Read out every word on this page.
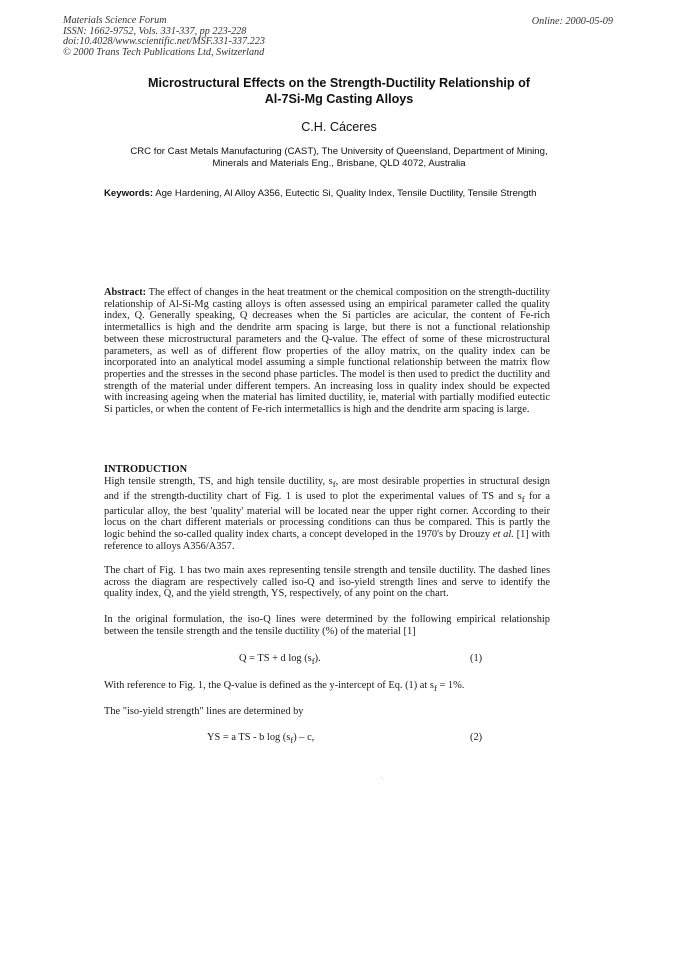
Materials Science Forum
ISSN: 1662-9752, Vols. 331-337, pp 223-228
doi:10.4028/www.scientific.net/MSF.331-337.223
© 2000 Trans Tech Publications Ltd, Switzerland
Online: 2000-05-09
Microstructural Effects on the Strength-Ductility Relationship of
Al-7Si-Mg Casting Alloys
C.H. Cáceres
CRC for Cast Metals Manufacturing (CAST), The University of Queensland, Department of Mining,
Minerals and Materials Eng., Brisbane, QLD 4072, Australia
Keywords: Age Hardening, Al Alloy A356, Eutectic Si, Quality Index, Tensile Ductility, Tensile Strength
Abstract: The effect of changes in the heat treatment or the chemical composition on the strength-ductility relationship of Al-Si-Mg casting alloys is often assessed using an empirical parameter called the quality index, Q. Generally speaking, Q decreases when the Si particles are acicular, the content of Fe-rich intermetallics is high and the dendrite arm spacing is large, but there is not a functional relationship between these microstructural parameters and the Q-value. The effect of some of these microstructural parameters, as well as of different flow properties of the alloy matrix, on the quality index can be incorporated into an analytical model assuming a simple functional relationship between the matrix flow properties and the stresses in the second phase particles. The model is then used to predict the ductility and strength of the material under different tempers. An increasing loss in quality index should be expected with increasing ageing when the material has limited ductility, ie, material with partially modified eutectic Si particles, or when the content of Fe-rich intermetallics is high and the dendrite arm spacing is large.
INTRODUCTION
High tensile strength, TS, and high tensile ductility, $s_f$, are most desirable properties in structural design and if the strength-ductility chart of Fig. 1 is used to plot the experimental values of TS and $s_f$ for a particular alloy, the best 'quality' material will be located near the upper right corner. According to their locus on the chart different materials or processing conditions can thus be compared. This is partly the logic behind the so-called quality index charts, a concept developed in the 1970's by Drouzy et al. [1] with reference to alloys A356/A357.
The chart of Fig. 1 has two main axes representing tensile strength and tensile ductility. The dashed lines across the diagram are respectively called iso-Q and iso-yield strength lines and serve to identify the quality index, Q, and the yield strength, YS, respectively, of any point on the chart.
In the original formulation, the iso-Q lines were determined by the following empirical relationship between the tensile strength and the tensile ductility (%) of the material [1]
Q = TS + d $\log (s_f)$.	(1)
With reference to Fig. 1, the Q-value is defined as the y-intercept of Eq. (1) at $s_f = 1\%$.
The "iso-yield strength" lines are determined by
YS = a TS - b $\log (s_f)$ – c,	(2)
˜·
